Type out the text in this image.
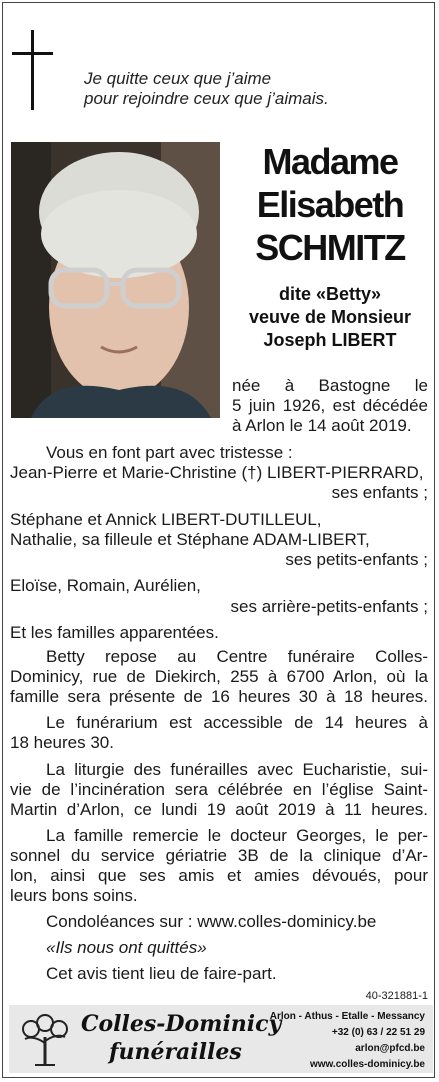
Je quitte ceux que j’aime
pour rejoindre ceux que j’aimais.
Madame
Elisabeth
SCHMITZ
dite «Betty»
veuve de Monsieur
Joseph LIBERT
née à Bastogne le
5 juin 1926, est décédée
à Arlon le 14 août 2019.
Vous en font part avec tristesse :
Jean-Pierre et Marie-Christine (†) LIBERT-PIERRARD,
ses enfants ;
Stéphane et Annick LIBERT-DUTILLEUL,
Nathalie, sa filleule et Stéphane ADAM-LIBERT,
ses petits-enfants ;
Eloïse, Romain, Aurélien,
ses arrière-petits-enfants ;
Et les familles apparentées.
Betty repose au Centre funéraire Colles-
Dominicy, rue de Diekirch, 255 à 6700 Arlon, où la
famille sera présente de 16 heures 30 à 18 heures.
Le funérarium est accessible de 14 heures à
18 heures 30.
La liturgie des funérailles avec Eucharistie, sui-
vie de l’incinération sera célébrée en l’église Saint-
Martin d’Arlon, ce lundi 19 août 2019 à 11 heures.
La famille remercie le docteur Georges, le per-
sonnel du service gériatrie 3B de la clinique d’Ar-
lon, ainsi que ses amis et amies dévoués, pour
leurs bons soins.
Condoléances sur : www.colles-dominicy.be
«Ils nous ont quittés»
Cet avis tient lieu de faire-part.
40-321881-1
Colles-Dominicy
funérailles
Arlon - Athus - Etalle - Messancy
+32 (0) 63 / 22 51 29
arlon@pfcd.be
www.colles-dominicy.be
